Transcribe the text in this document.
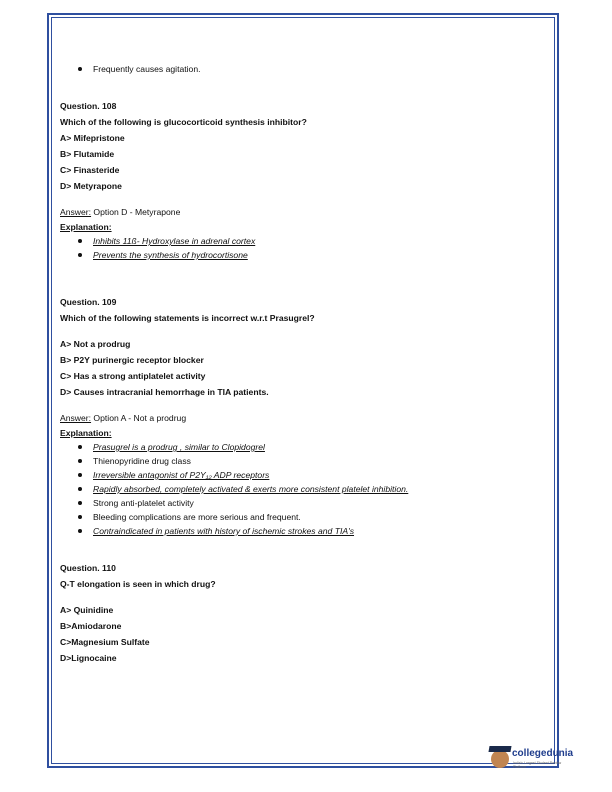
Frequently causes agitation.
Question. 108
Which of the following is glucocorticoid synthesis inhibitor?
A> Mifepristone
B> Flutamide
C> Finasteride
D> Metyrapone
Answer: Option D - Metyrapone
Explanation:
Inhibits 11ß- Hydroxylase in adrenal cortex
Prevents the synthesis of hydrocortisone
Question. 109
Which of the following statements is incorrect w.r.t Prasugrel?
A> Not a prodrug
B> P2Y purinergic receptor blocker
C> Has a strong antiplatelet activity
D> Causes intracranial hemorrhage in TIA patients.
Answer: Option A - Not a prodrug
Explanation:
Prasugrel is a prodrug , similar to Clopidogrel
Thienopyridine drug class
Irreversible antagonist of P2Y₁₂ ADP receptors
Rapidly absorbed, completely activated & exerts more consistent platelet inhibition.
Strong anti-platelet activity
Bleeding complications are more serious and frequent.
Contraindicated in patients with history of ischemic strokes and TIA's
Question. 110
Q-T elongation is seen in which drug?
A> Quinidine
B>Amiodarone
C>Magnesium Sulfate
D>Lignocaine
collegedunia
India's Largest Student Review Platform
